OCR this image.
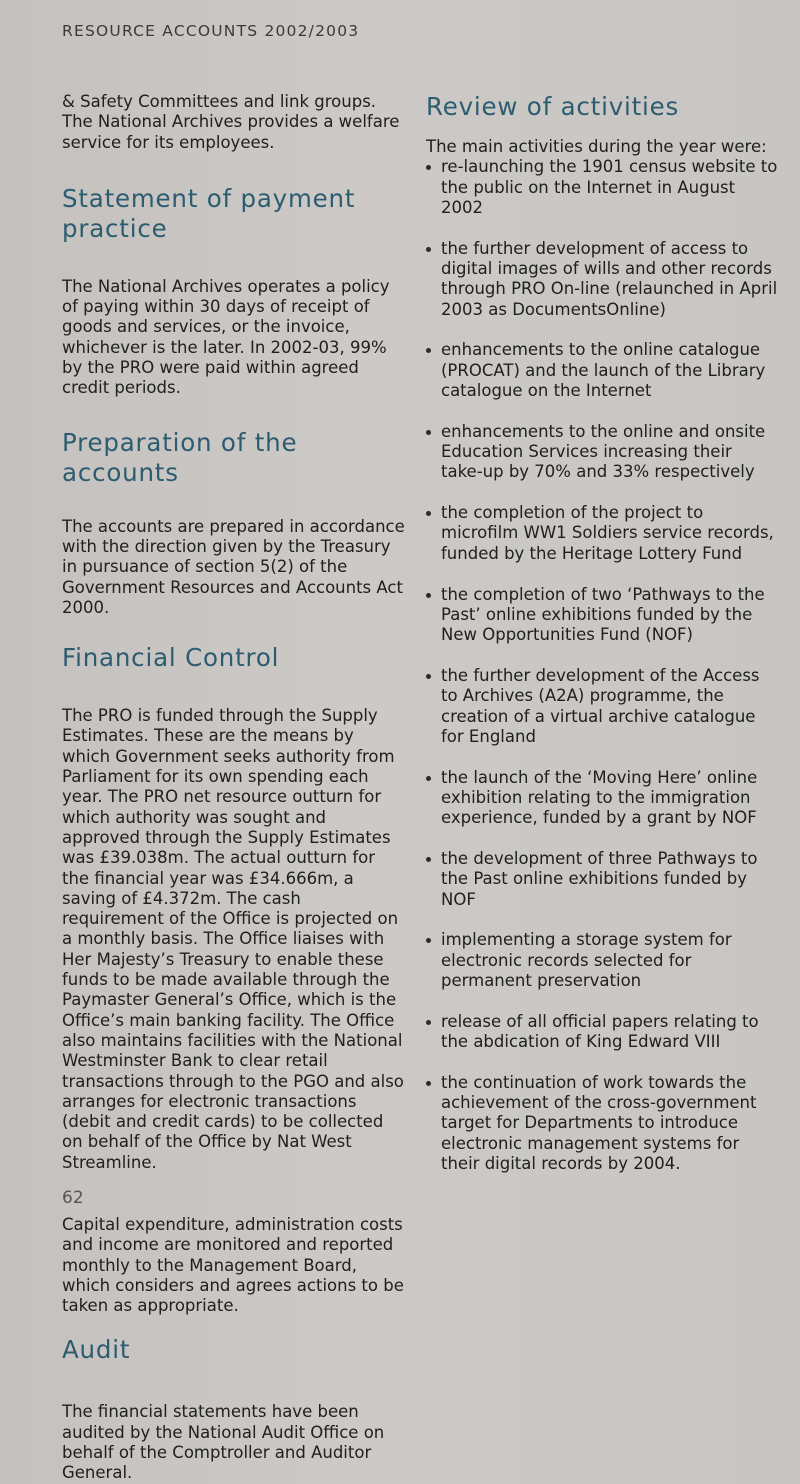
RESOURCE ACCOUNTS 2002/2003

& Safety Committees and link groups. The National Archives provides a welfare service for its employees.

Statement of payment practice

The National Archives operates a policy of paying within 30 days of receipt of goods and services, or the invoice, whichever is the later. In 2002-03, 99% by the PRO were paid within agreed credit periods.

Preparation of the accounts

The accounts are prepared in accordance with the direction given by the Treasury in pursuance of section 5(2) of the Government Resources and Accounts Act 2000.

Financial Control

The PRO is funded through the Supply Estimates. These are the means by which Government seeks authority from Parliament for its own spending each year. The PRO net resource outturn for which authority was sought and approved through the Supply Estimates was £39.038m. The actual outturn for the financial year was £34.666m, a saving of £4.372m. The cash requirement of the Office is projected on a monthly basis. The Office liaises with Her Majesty’s Treasury to enable these funds to be made available through the Paymaster General’s Office, which is the Office’s main banking facility. The Office also maintains facilities with the National Westminster Bank to clear retail transactions through to the PGO and also arranges for electronic transactions (debit and credit cards) to be collected on behalf of the Office by Nat West Streamline.

Capital expenditure, administration costs and income are monitored and reported monthly to the Management Board, which considers and agrees actions to be taken as appropriate.

Audit

The financial statements have been audited by the National Audit Office on behalf of the Comptroller and Auditor General.

Review of activities

The main activities during the year were:

re-launching the 1901 census website to the public on the Internet in August 2002

the further development of access to digital images of wills and other records through PRO On-line (relaunched in April 2003 as DocumentsOnline)

enhancements to the online catalogue (PROCAT) and the launch of the Library catalogue on the Internet

enhancements to the online and onsite Education Services increasing their take-up by 70% and 33% respectively

the completion of the project to microfilm WW1 Soldiers service records, funded by the Heritage Lottery Fund

the completion of two ‘Pathways to the Past’ online exhibitions funded by the New Opportunities Fund (NOF)

the further development of the Access to Archives (A2A) programme, the creation of a virtual archive catalogue for England

the launch of the ‘Moving Here’ online exhibition relating to the immigration experience, funded by a grant by NOF

the development of three Pathways to the Past online exhibitions funded by NOF

implementing a storage system for electronic records selected for permanent preservation

release of all official papers relating to the abdication of King Edward VIII

the continuation of work towards the achievement of the cross-government target for Departments to introduce electronic management systems for their digital records by 2004.

62
